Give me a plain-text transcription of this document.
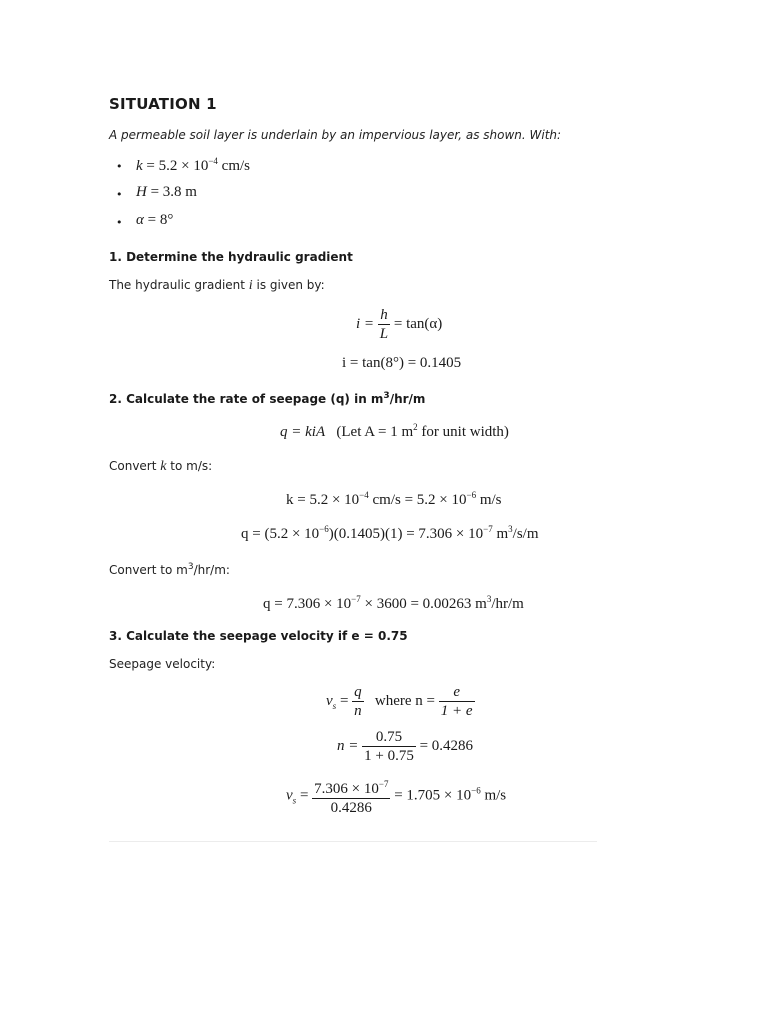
SITUATION 1
A permeable soil layer is underlain by an impervious layer, as shown. With:
• $k = 5.2 \times 10^{-4}$ cm/s
• H = 3.8 m
• α = 8°
1. Determine the hydraulic gradient
The hydraulic gradient i is given by:
$i = \frac{h}{L} = \tan(\alpha)$
i = tan(8°) = 0.1405
2. Calculate the rate of seepage (q) in $m^3/hr/m$
q = kiA (Let A = 1 $m^2$ for unit width)
Convert k to m/s:
$k = 5.2 \times 10^{-4}$ $cm/s = 5.2 \times 10^{-6}$ m/s
$q = (5.2 \times 10^{-6})(0.1405)(1) = 7.306 \times 10^{-7}$ $m^3/s/m$
Convert to $m^3/hr/m$:
$q = 7.306 \times 10^{-7} \times 3600 = 0.00263$ $m^3/hr/m$
3. Calculate the seepage velocity if e = 0.75
Seepage velocity:
$v_s = \frac{q}{n}$ where $n = \frac{e}{1 + e}$
$n = \frac{0.75}{1 + 0.75} = 0.4286$
$v_s = \frac{7.306 \times 10^{-7}}{0.4286} = 1.705 \times 10^{-6}$ m/s
